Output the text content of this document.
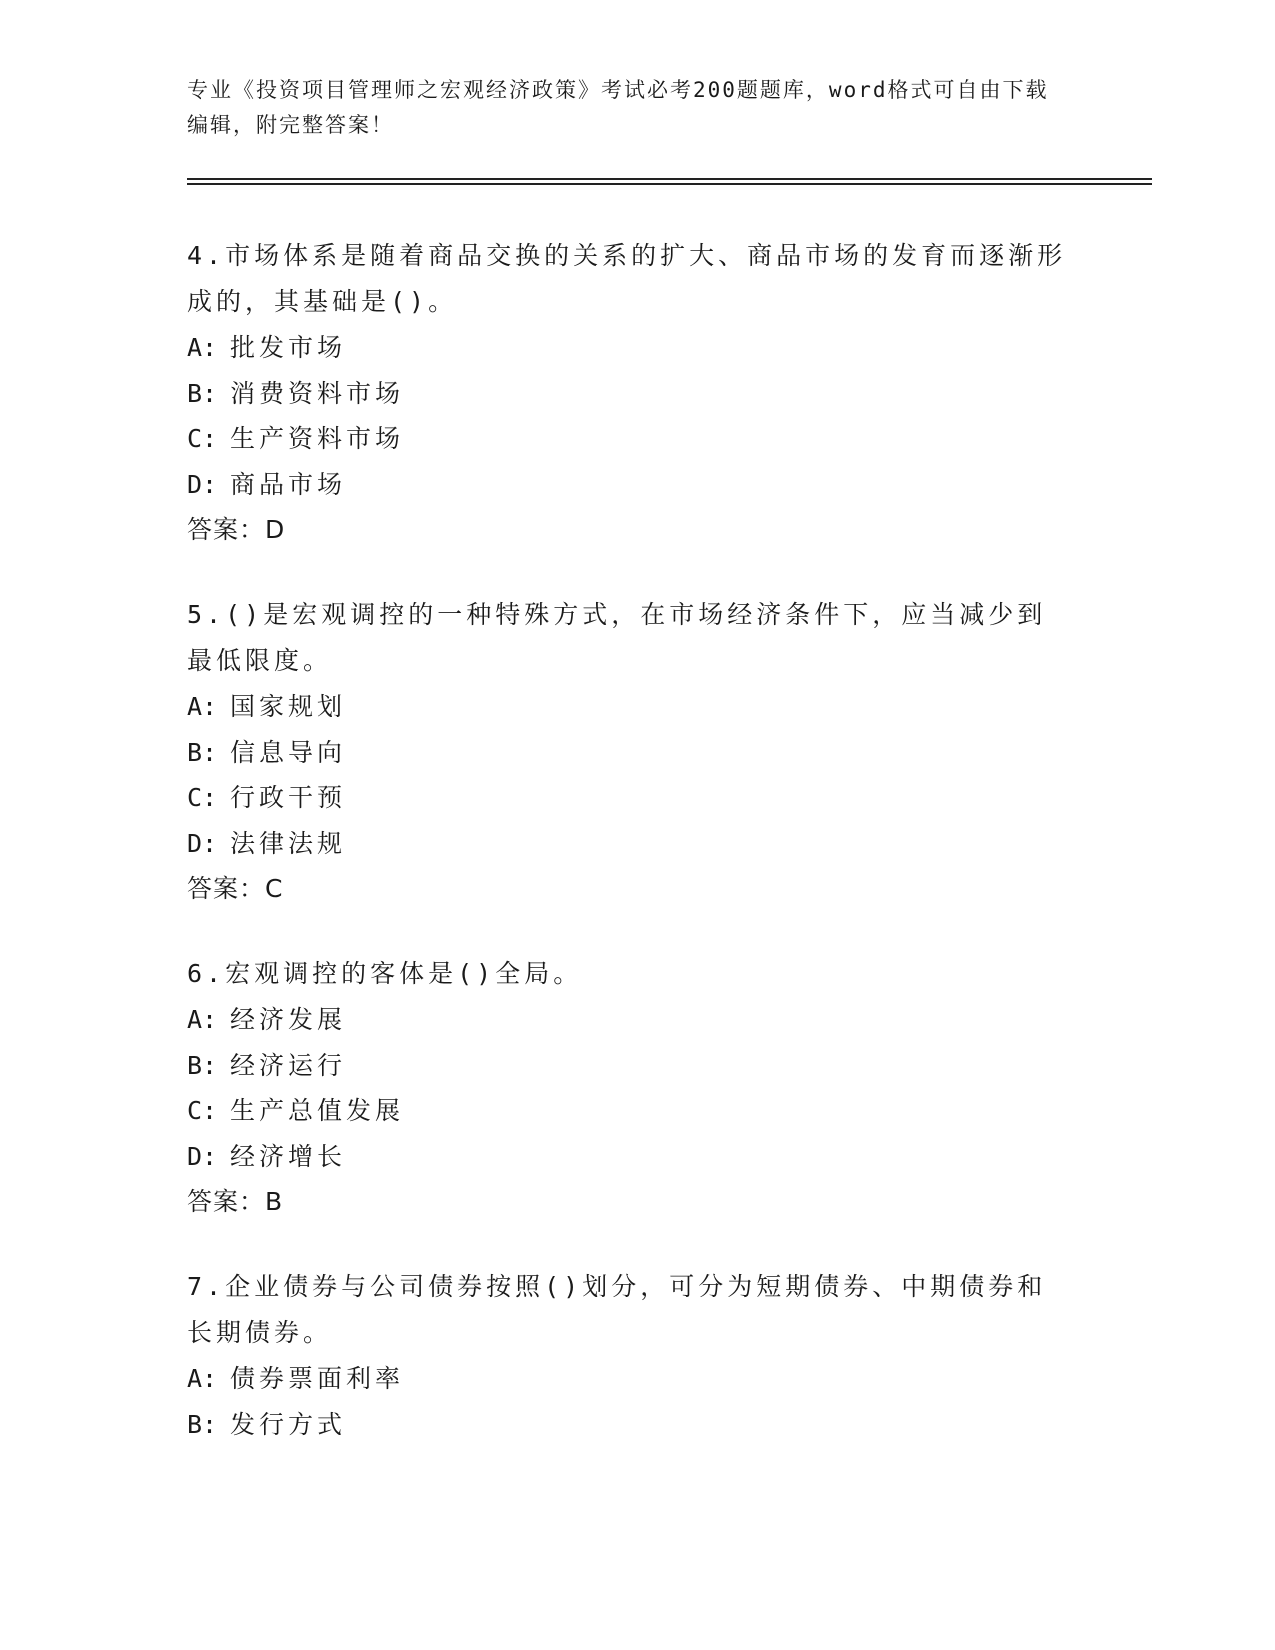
专业《投资项目管理师之宏观经济政策》考试必考200题题库，word格式可自由下载编辑，附完整答案！
4.市场体系是随着商品交换的关系的扩大、商品市场的发育而逐渐形成的，其基础是()。
A: 批发市场
B: 消费资料市场
C: 生产资料市场
D: 商品市场
答案：D
5.()是宏观调控的一种特殊方式，在市场经济条件下，应当减少到最低限度。
A: 国家规划
B: 信息导向
C: 行政干预
D: 法律法规
答案：C
6.宏观调控的客体是()全局。
A: 经济发展
B: 经济运行
C: 生产总值发展
D: 经济增长
答案：B
7.企业债券与公司债券按照()划分，可分为短期债券、中期债券和长期债券。
A: 债券票面利率
B: 发行方式
